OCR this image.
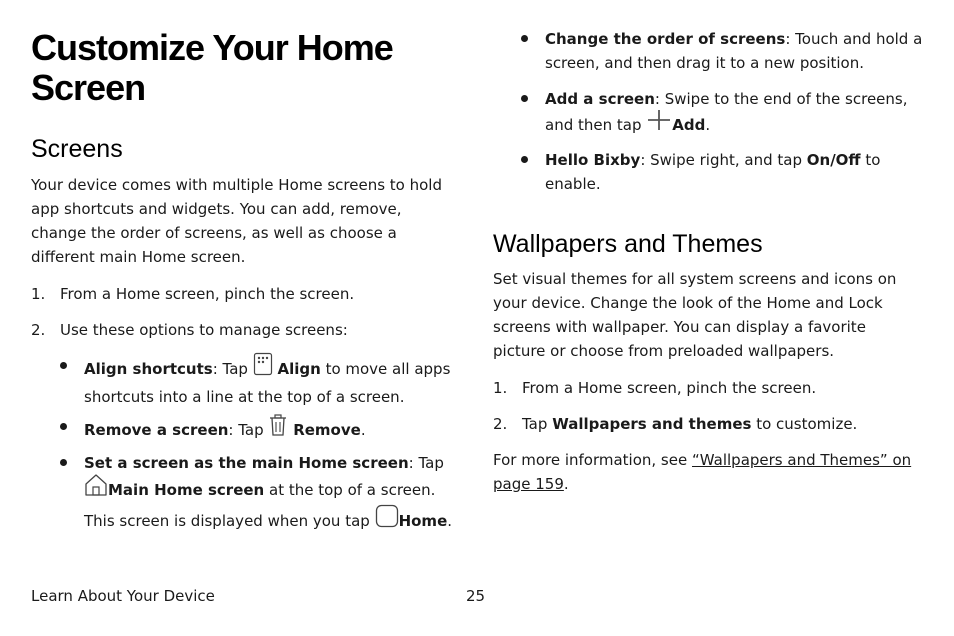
Customize Your Home
Screen
Screens

Your device comes with multiple Home screens to hold app shortcuts and widgets. You can add, remove, change the order of screens, as well as choose a different main Home screen.

1. From a Home screen, pinch the screen.
2. Use these options to manage screens:
Align shortcuts: Tap Align to move all apps shortcuts into a line at the top of a screen.
Remove a screen: Tap Remove.
Set a screen as the main Home screen: Tap
Main Home screen at the top of a screen. This screen is displayed when you tap Home.
Change the order of screens: Touch and hold a screen, and then drag it to a new position.
Add a screen: Swipe to the end of the screens, and then tap Add.
Hello Bixby: Swipe right, and tap On/Off to enable.
Wallpapers and Themes

Set visual themes for all system screens and icons on your device. Change the look of the Home and Lock screens with wallpaper. You can display a favorite picture or choose from preloaded wallpapers.

1. From a Home screen, pinch the screen.
2. Tap Wallpapers and themes to customize.

For more information, see “Wallpapers and Themes” on page 159.

Learn About Your Device	25
